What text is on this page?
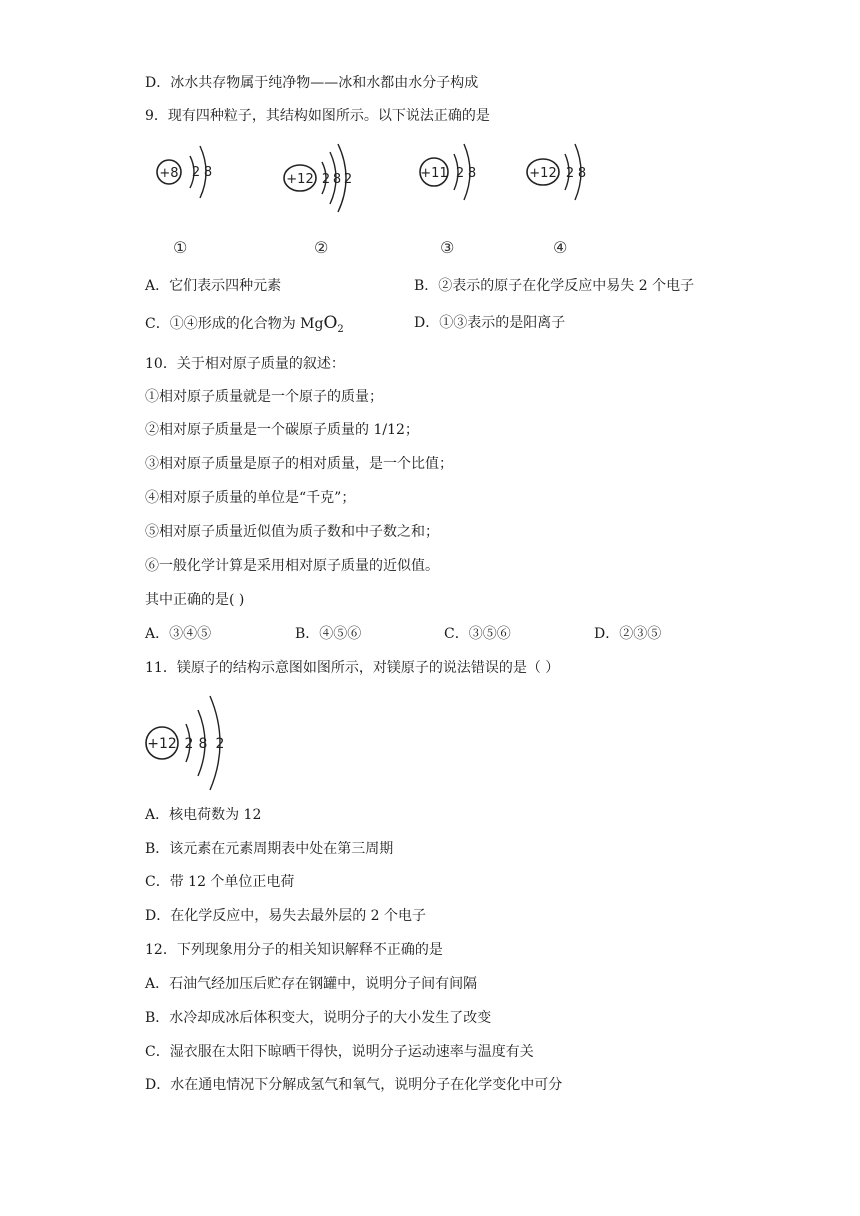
D．冰水共存物属于纯净物——冰和水都由水分子构成
9．现有四种粒子，其结构如图所示。以下说法正确的是
+8 2 8
①
+12 2 8 2
②
+11 2 8
③
+12 2 8
④
A．它们表示四种元素	B．②表示的原子在化学反应中易失 2 个电子
C．①④形成的化合物为 MgO$_2$	D．①③表示的是阳离子
10．关于相对原子质量的叙述：
①相对原子质量就是一个原子的质量；
②相对原子质量是一个碳原子质量的 1/12；
③相对原子质量是原子的相对质量，是一个比值；
④相对原子质量的单位是“千克”；
⑤相对原子质量近似值为质子数和中子数之和；
⑥一般化学计算是采用相对原子质量的近似值。
其中正确的是( )
A．③④⑤	B．④⑤⑥	C．③⑤⑥	D．②③⑤
11．镁原子的结构示意图如图所示，对镁原子的说法错误的是（ ）
+12 2 8 2
A．核电荷数为 12
B．该元素在元素周期表中处在第三周期
C．带 12 个单位正电荷
D．在化学反应中，易失去最外层的 2 个电子
12．下列现象用分子的相关知识解释不正确的是
A．石油气经加压后贮存在钢罐中，说明分子间有间隔
B．水冷却成冰后体积变大，说明分子的大小发生了改变
C．湿衣服在太阳下晾晒干得快，说明分子运动速率与温度有关
D．水在通电情况下分解成氢气和氧气，说明分子在化学变化中可分
